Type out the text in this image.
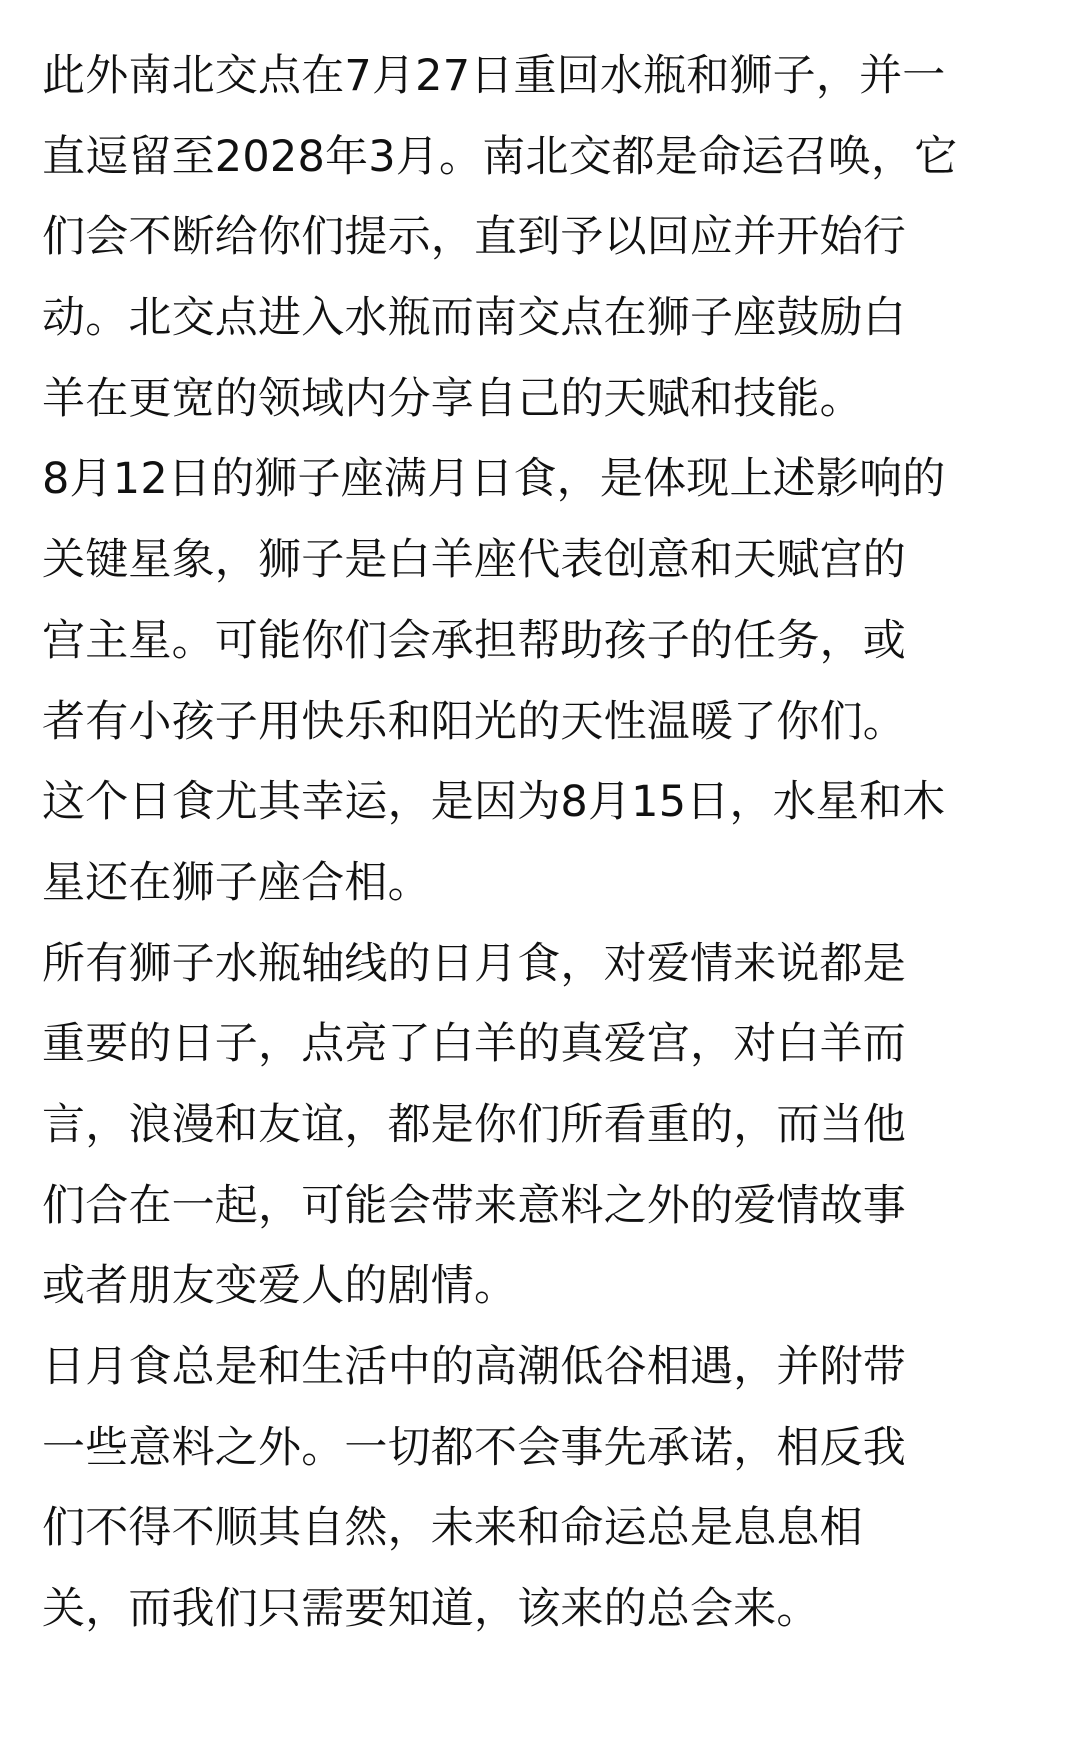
此外南北交点在7月27日重回水瓶和狮子，并一
直逗留至2028年3月。南北交都是命运召唤，它
们会不断给你们提示，直到予以回应并开始行
动。北交点进入水瓶而南交点在狮子座鼓励白
羊在更宽的领域内分享自己的天赋和技能。
8月12日的狮子座满月日食，是体现上述影响的
关键星象，狮子是白羊座代表创意和天赋宫的
宫主星。可能你们会承担帮助孩子的任务，或
者有小孩子用快乐和阳光的天性温暖了你们。
这个日食尤其幸运，是因为8月15日，水星和木
星还在狮子座合相。
所有狮子水瓶轴线的日月食，对爱情来说都是
重要的日子，点亮了白羊的真爱宫，对白羊而
言，浪漫和友谊，都是你们所看重的，而当他
们合在一起，可能会带来意料之外的爱情故事
或者朋友变爱人的剧情。
日月食总是和生活中的高潮低谷相遇，并附带
一些意料之外。一切都不会事先承诺，相反我
们不得不顺其自然，未来和命运总是息息相
关，而我们只需要知道，该来的总会来。
